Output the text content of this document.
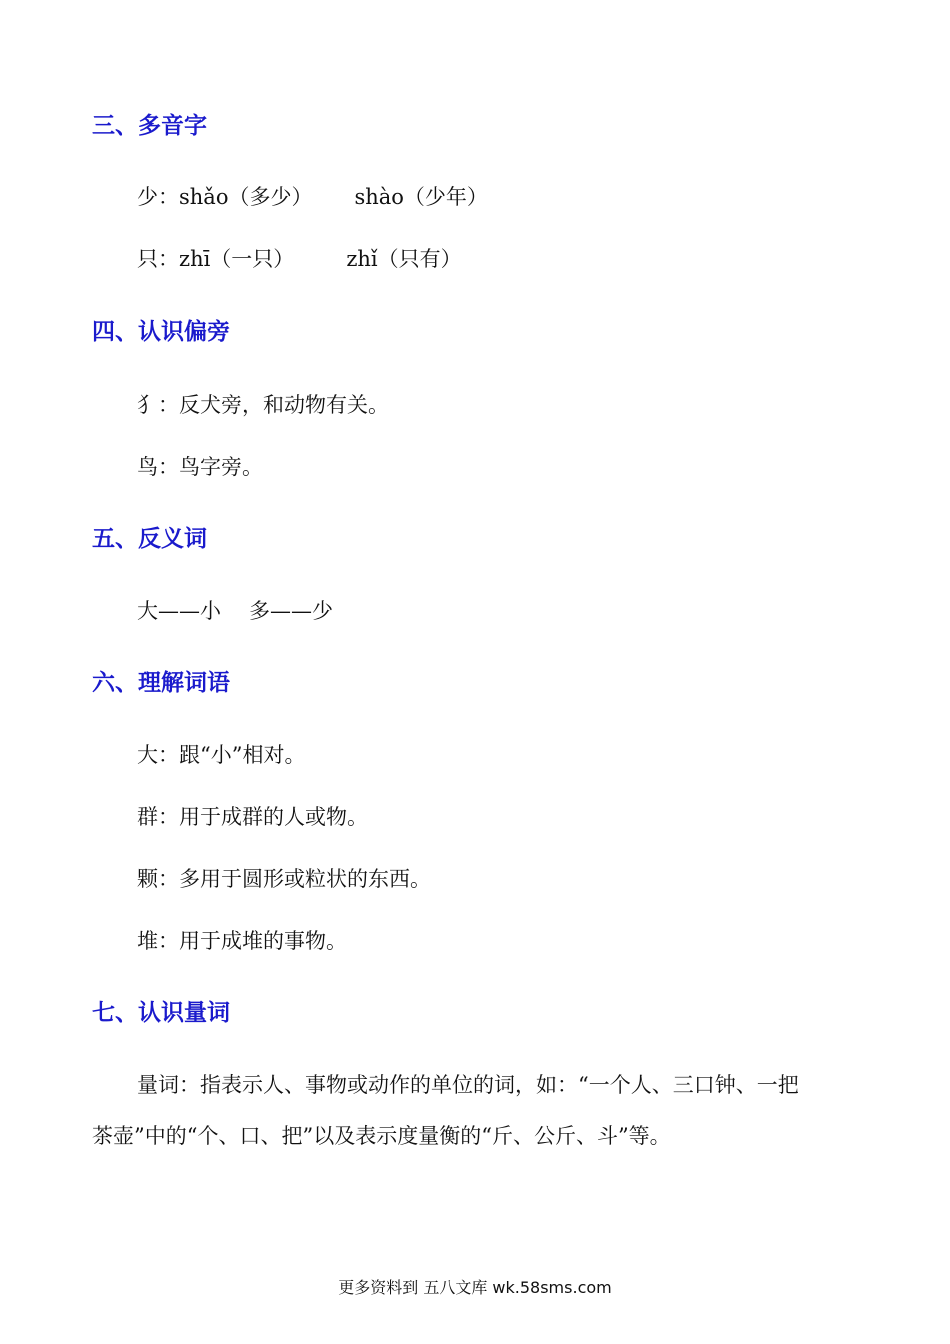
三、多音字
少：shǎo（多少） shào（少年）
只：zhī（一只） zhǐ（只有）
四、认识偏旁
犭：反犬旁，和动物有关。
鸟：鸟字旁。
五、反义词
大——小 多——少
六、理解词语
大：跟“小”相对。
群：用于成群的人或物。
颗：多用于圆形或粒状的东西。
堆：用于成堆的事物。
七、认识量词
量词：指表示人、事物或动作的单位的词，如：“一个人、三口钟、一把
茶壶”中的“个、口、把”以及表示度量衡的“斤、公斤、斗”等。
更多资料到 五八文库 wk.58sms.com
